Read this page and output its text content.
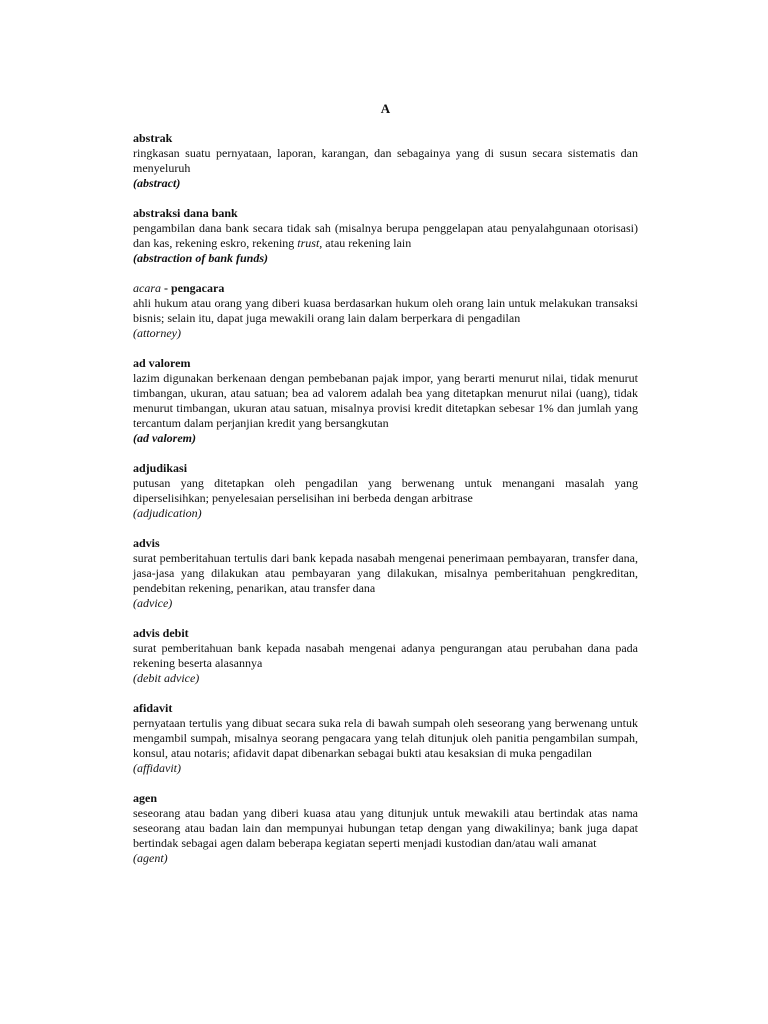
A

abstrak

ringkasan suatu pernyataan, laporan, karangan, dan sebagainya yang di susun secara sistematis dan menyeluruh

(abstract)

abstraksi dana bank

pengambilan dana bank secara tidak sah (misalnya berupa penggelapan atau penyalahgunaan otorisasi) dan kas, rekening eskro, rekening trust, atau rekening lain

(abstraction of bank funds)

acara - pengacara

ahli hukum atau orang yang diberi kuasa berdasarkan hukum oleh orang lain untuk melakukan transaksi bisnis; selain itu, dapat juga mewakili orang lain dalam berperkara di pengadilan

(attorney)

ad valorem

lazim digunakan berkenaan dengan pembebanan pajak impor, yang berarti menurut nilai, tidak menurut timbangan, ukuran, atau satuan; bea ad valorem adalah bea yang ditetapkan menurut nilai (uang), tidak menurut timbangan, ukuran atau satuan, misalnya provisi kredit ditetapkan sebesar 1% dan jumlah yang tercantum dalam perjanjian kredit yang bersangkutan

(ad valorem)

adjudikasi

putusan yang ditetapkan oleh pengadilan yang berwenang untuk menangani masalah yang diperselisihkan; penyelesaian perselisihan ini berbeda dengan arbitrase

(adjudication)

advis

surat pemberitahuan tertulis dari bank kepada nasabah mengenai penerimaan pembayaran, transfer dana, jasa-jasa yang dilakukan atau pembayaran yang dilakukan, misalnya pemberitahuan pengkreditan, pendebitan rekening, penarikan, atau transfer dana

(advice)

advis debit

surat pemberitahuan bank kepada nasabah mengenai adanya pengurangan atau perubahan dana pada rekening beserta alasannya

(debit advice)

afidavit

pernyataan tertulis yang dibuat secara suka rela di bawah sumpah oleh seseorang yang berwenang untuk mengambil sumpah, misalnya seorang pengacara yang telah ditunjuk oleh panitia pengambilan sumpah, konsul, atau notaris; afidavit dapat dibenarkan sebagai bukti atau kesaksian di muka pengadilan

(affidavit)

agen

seseorang atau badan yang diberi kuasa atau yang ditunjuk untuk mewakili atau bertindak atas nama seseorang atau badan lain dan mempunyai hubungan tetap dengan yang diwakilinya; bank juga dapat bertindak sebagai agen dalam beberapa kegiatan seperti menjadi kustodian dan/atau wali amanat

(agent)
